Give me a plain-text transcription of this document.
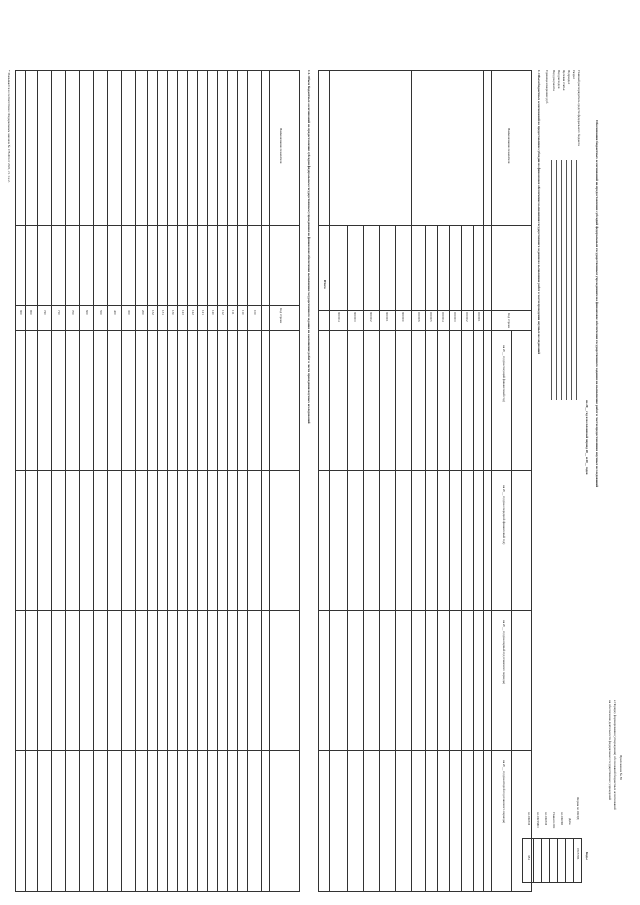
Приложение № 86
к Порядку формирования (утверждения) обоснований бюджетных ассигнований
на обеспечение деятельности федеральных государственных учреждений
Обоснования бюджетных ассигнований на предоставление субсидий федеральным государственным учреждениям на финансовое обеспечение государственного задания на выполнение работ в части предоставления научных исследований
на 20__ год и на плановый период 20__ и 20__ годов
Коды
Форма по ОКУД
0505786
Дата
по ОКПО
Глава по БК
по ОКЕИ
по ОКТМО
по ОКЕИ
384
Главный распорядитель средств федерального бюджета
Раздел
Подраздел
Целевая статья
Вид расходов
Вид документа
Единица измерения: руб.
1. Объем бюджетных ассигнований на предоставление субсидии на финансовое обеспечение выполнения государственного задания на выполнение работ в части проведения научных исследований
Наименование показателя
Код строки
на 20__ год (на текущий финансовый год)
на 20__ год (на очередной финансовый год)
на 20__ год (на первый год планового периода)
на 20__ год (на второй год планового периода)
000001
000002
000003
000004
000005
000006
900000
900001
900002
900003
900004
Итого
1.1. Объем бюджетных ассигнований на предоставление субсидии федеральным государственным учреждениям на финансовое обеспечение выполнения государственного задания на выполнение работ в части проведения научных исследований
Наименование показателя
Код строки
100
110
111
112
120
121
122
123
130
131
132
200
300
400
500
600
700
710
720
800
900
* Указывается в соответствии с Федеральным законом № 178-ФЗ от 2021, ст. 1 и 2.
